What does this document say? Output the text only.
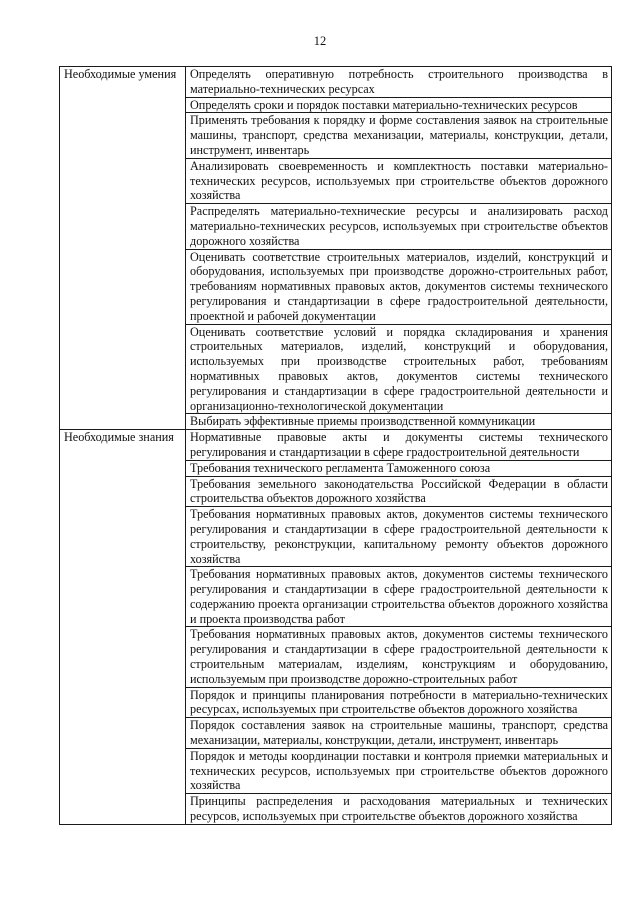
12
Необходимые умения	Определять оперативную потребность строительного производства в материально-технических ресурсах
	Определять сроки и порядок поставки материально-технических ресурсов
	Применять требования к порядку и форме составления заявок на строительные машины, транспорт, средства механизации, материалы, конструкции, детали, инструмент, инвентарь
	Анализировать своевременность и комплектность поставки материально-технических ресурсов, используемых при строительстве объектов дорожного хозяйства
	Распределять материально-технические ресурсы и анализировать расход материально-технических ресурсов, используемых при строительстве объектов дорожного хозяйства
	Оценивать соответствие строительных материалов, изделий, конструкций и оборудования, используемых при производстве дорожно-строительных работ, требованиям нормативных правовых актов, документов системы технического регулирования и стандартизации в сфере градостроительной деятельности, проектной и рабочей документации
	Оценивать соответствие условий и порядка складирования и хранения строительных материалов, изделий, конструкций и оборудования, используемых при производстве строительных работ, требованиям нормативных правовых актов, документов системы технического регулирования и стандартизации в сфере градостроительной деятельности и организационно-технологической документации
	Выбирать эффективные приемы производственной коммуникации
Необходимые знания	Нормативные правовые акты и документы системы технического регулирования и стандартизации в сфере градостроительной деятельности
	Требования технического регламента Таможенного союза
	Требования земельного законодательства Российской Федерации в области строительства объектов дорожного хозяйства
	Требования нормативных правовых актов, документов системы технического регулирования и стандартизации в сфере градостроительной деятельности к строительству, реконструкции, капитальному ремонту объектов дорожного хозяйства
	Требования нормативных правовых актов, документов системы технического регулирования и стандартизации в сфере градостроительной деятельности к содержанию проекта организации строительства объектов дорожного хозяйства и проекта производства работ
	Требования нормативных правовых актов, документов системы технического регулирования и стандартизации в сфере градостроительной деятельности к строительным материалам, изделиям, конструкциям и оборудованию, используемым при производстве дорожно-строительных работ
	Порядок и принципы планирования потребности в материально-технических ресурсах, используемых при строительстве объектов дорожного хозяйства
	Порядок составления заявок на строительные машины, транспорт, средства механизации, материалы, конструкции, детали, инструмент, инвентарь
	Порядок и методы координации поставки и контроля приемки материальных и технических ресурсов, используемых при строительстве объектов дорожного хозяйства
	Принципы распределения и расходования материальных и технических ресурсов, используемых при строительстве объектов дорожного хозяйства
